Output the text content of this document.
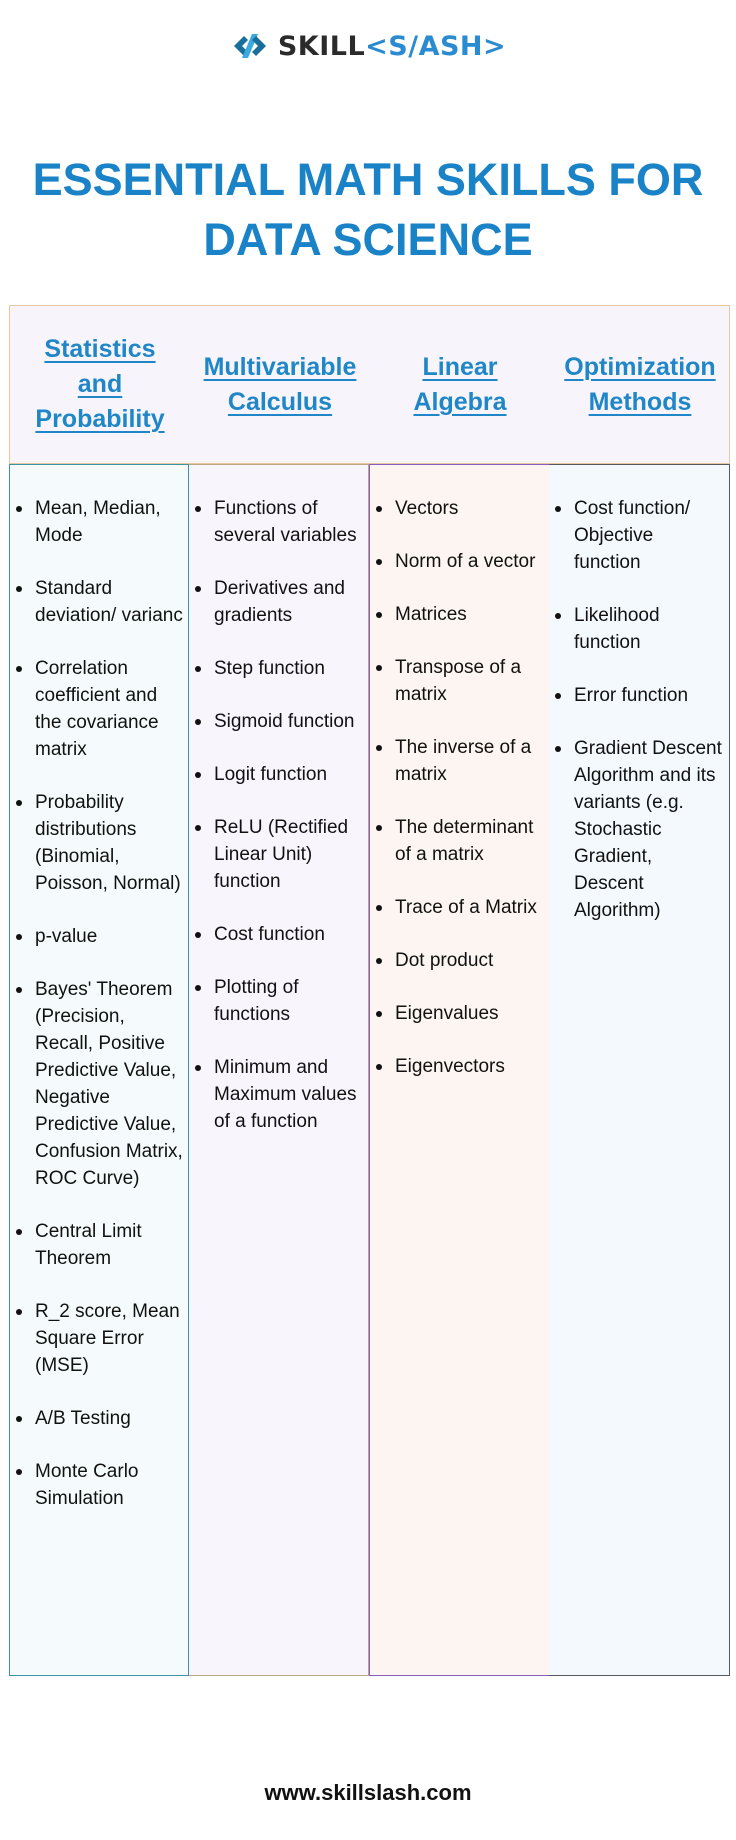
SKILL<S/ASH>
ESSENTIAL MATH SKILLS FOR
DATA SCIENCE
Statistics
and
Probability
Multivariable
Calculus
Linear
Algebra
Optimization
Methods
Mean, Median, Mode
Standard deviation/ varianc
Correlation coefficient and the covariance matrix
Probability distributions (Binomial, Poisson, Normal)
p-value
Bayes' Theorem (Precision, Recall, Positive Predictive Value, Negative Predictive Value, Confusion Matrix, ROC Curve)
Central Limit Theorem
R_2 score, Mean Square Error (MSE)
A/B Testing
Monte Carlo Simulation
Functions of several variables
Derivatives and gradients
Step function
Sigmoid function
Logit function
ReLU (Rectified Linear Unit) function
Cost function
Plotting of functions
Minimum and Maximum values of a function
Vectors
Norm of a vector
Matrices
Transpose of a matrix
The inverse of a matrix
The determinant of a matrix
Trace of a Matrix
Dot product
Eigenvalues
Eigenvectors
Cost function/ Objective function
Likelihood function
Error function
Gradient Descent Algorithm and its variants (e.g. Stochastic Gradient, Descent Algorithm)
www.skillslash.com
